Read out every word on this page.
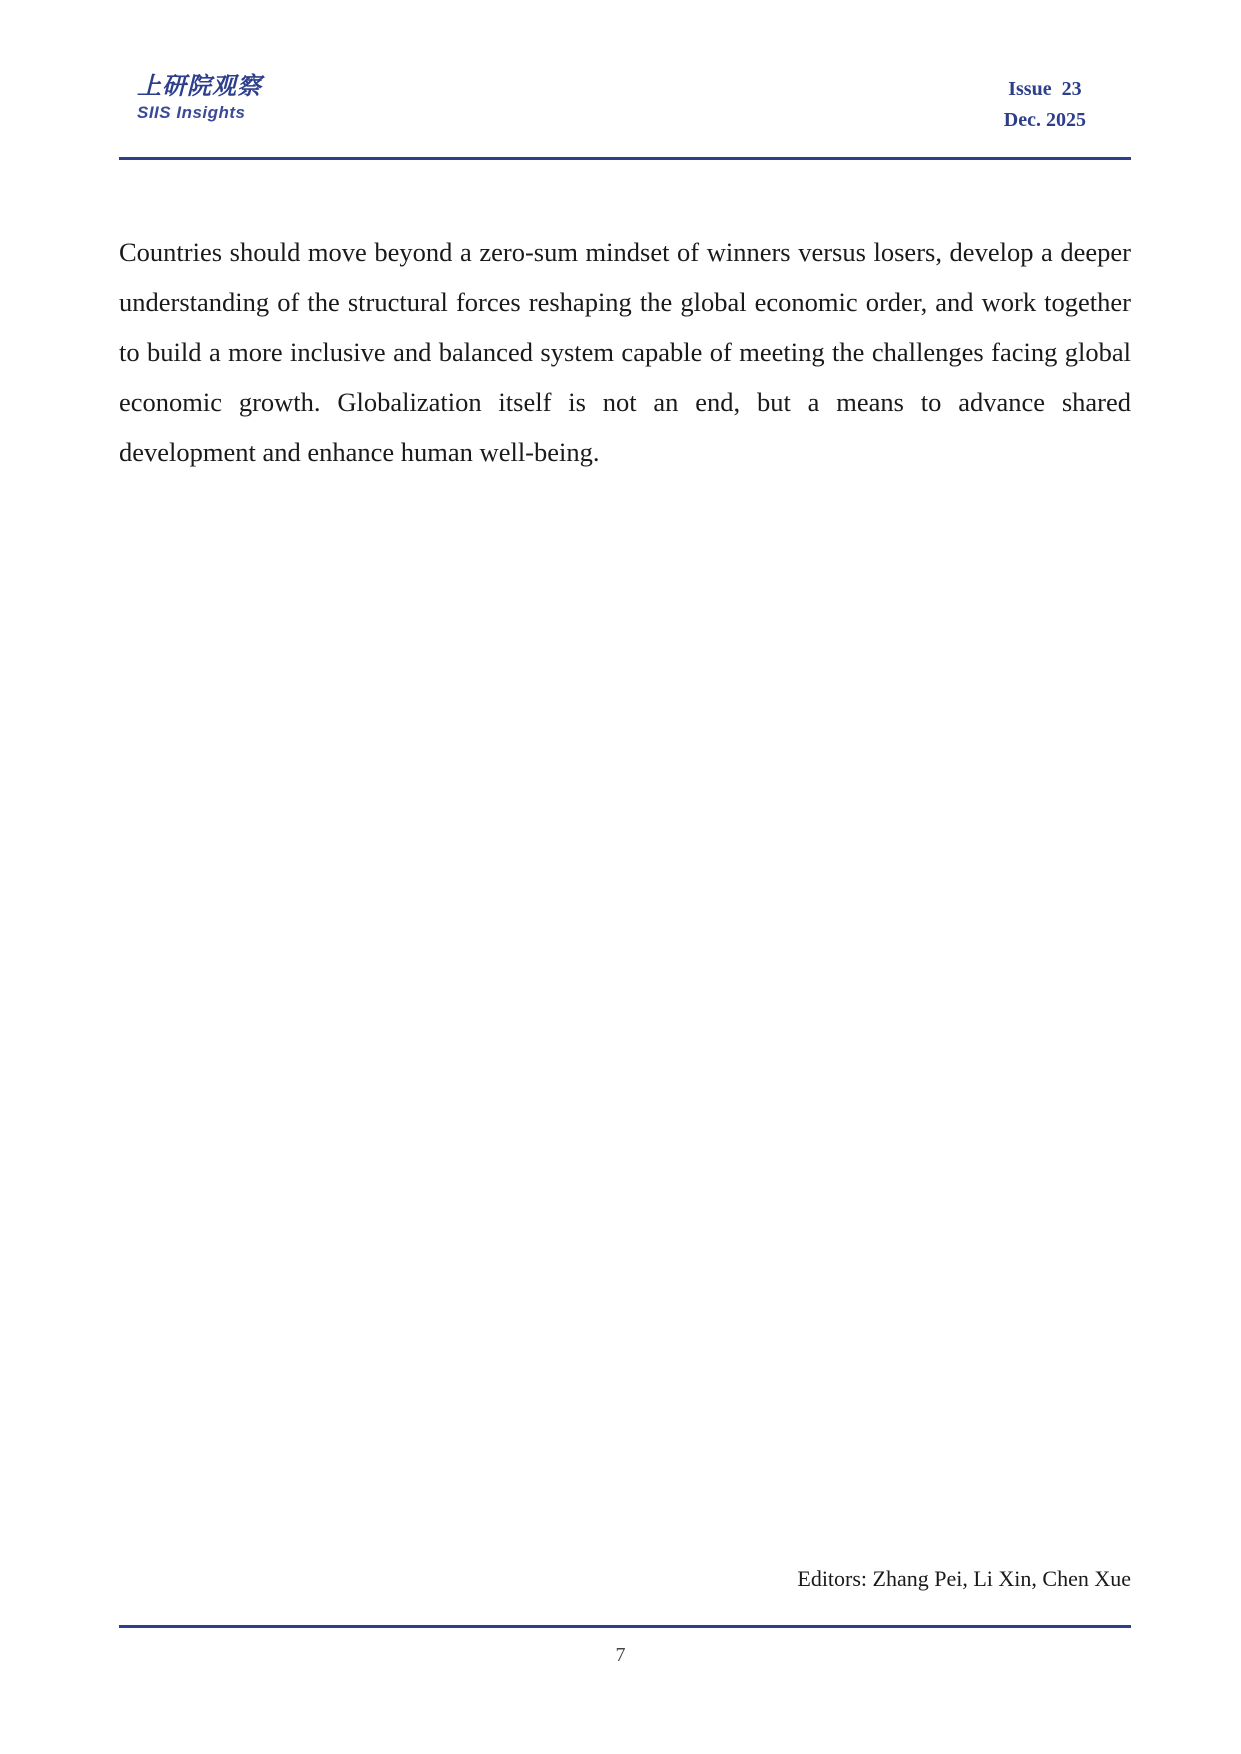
上研院观察
SIIS Insights
Issue  23
Dec. 2025

Countries should move beyond a zero-sum mindset of winners versus losers, develop a deeper understanding of the structural forces reshaping the global economic order, and work together to build a more inclusive and balanced system capable of meeting the challenges facing global economic growth. Globalization itself is not an end, but a means to advance shared development and enhance human well-being.

Editors: Zhang Pei, Li Xin, Chen Xue
7
